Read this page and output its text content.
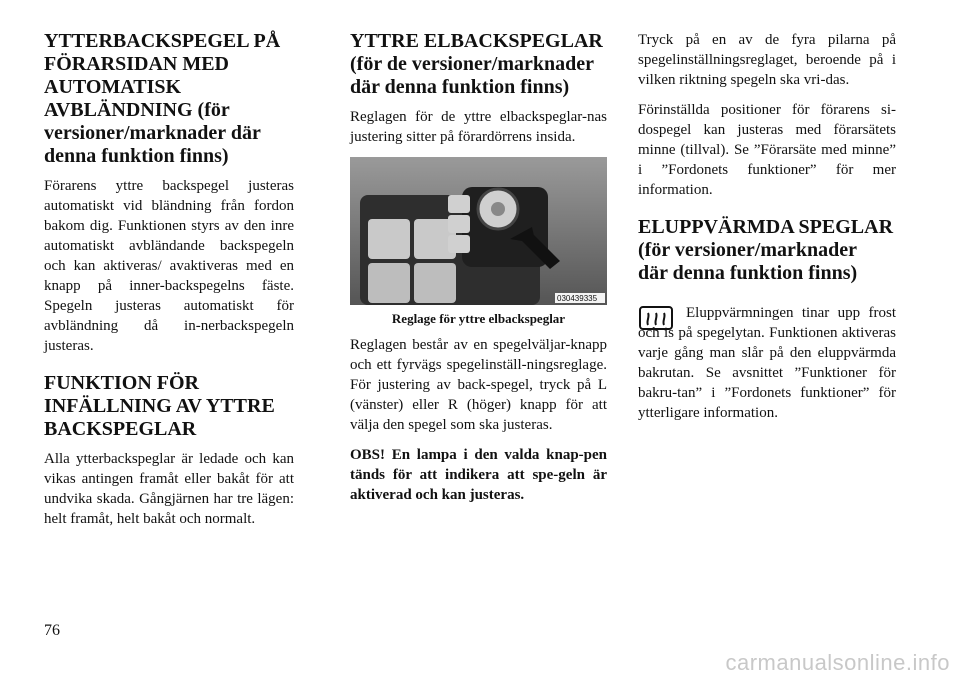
YTTERBACKSPEGEL PÅ
FÖRARSIDAN MED
AUTOMATISK
AVBLÄNDNING (för
versioner/marknader där
denna funktion finns)

Förarens yttre backspegel justeras automatiskt vid bländning från fordon bakom dig. Funktionen styrs av den inre automatiskt avbländande backspegeln och kan aktiveras/ avaktiveras med en knapp på inner-backspegelns fäste. Spegeln justeras automatiskt för avbländning då in-nerbackspegeln justeras.

FUNKTION FÖR
INFÄLLNING AV YTTRE
BACKSPEGLAR

Alla ytterbackspeglar är ledade och kan vikas antingen framåt eller bakåt för att undvika skada. Gångjärnen har tre lägen: helt framåt, helt bakåt och normalt.

YTTRE ELBACKSPEGLAR
(för de versioner/marknader
där denna funktion finns)

Reglagen för de yttre elbackspeglar-nas justering sitter på förardörrens insida.

030439335
Reglage för yttre elbackspeglar

Reglagen består av en spegelväljar-knapp och ett fyrvägs spegelinställ-ningsreglage. För justering av back-spegel, tryck på L (vänster) eller R (höger) knapp för att välja den spegel som ska justeras.

OBS! En lampa i den valda knap-pen tänds för att indikera att spe-geln är aktiverad och kan justeras.

Tryck på en av de fyra pilarna på spegelinställningsreglaget, beroende på i vilken riktning spegeln ska vri-das.

Förinställda positioner för förarens si-dospegel kan justeras med förarsätets minne (tillval). Se ”Förarsäte med minne” i ”Fordonets funktioner” för mer information.

ELUPPVÄRMDA SPEGLAR
(för versioner/marknader
där denna funktion finns)

Eluppvärmningen tinar upp frost och is på spegelytan. Funktionen aktiveras varje gång man slår på den eluppvärmda bakrutan. Se avsnittet ”Funktioner för bakru-tan” i ”Fordonets funktioner” för ytterligare information.

76
carmanualsonline.info
